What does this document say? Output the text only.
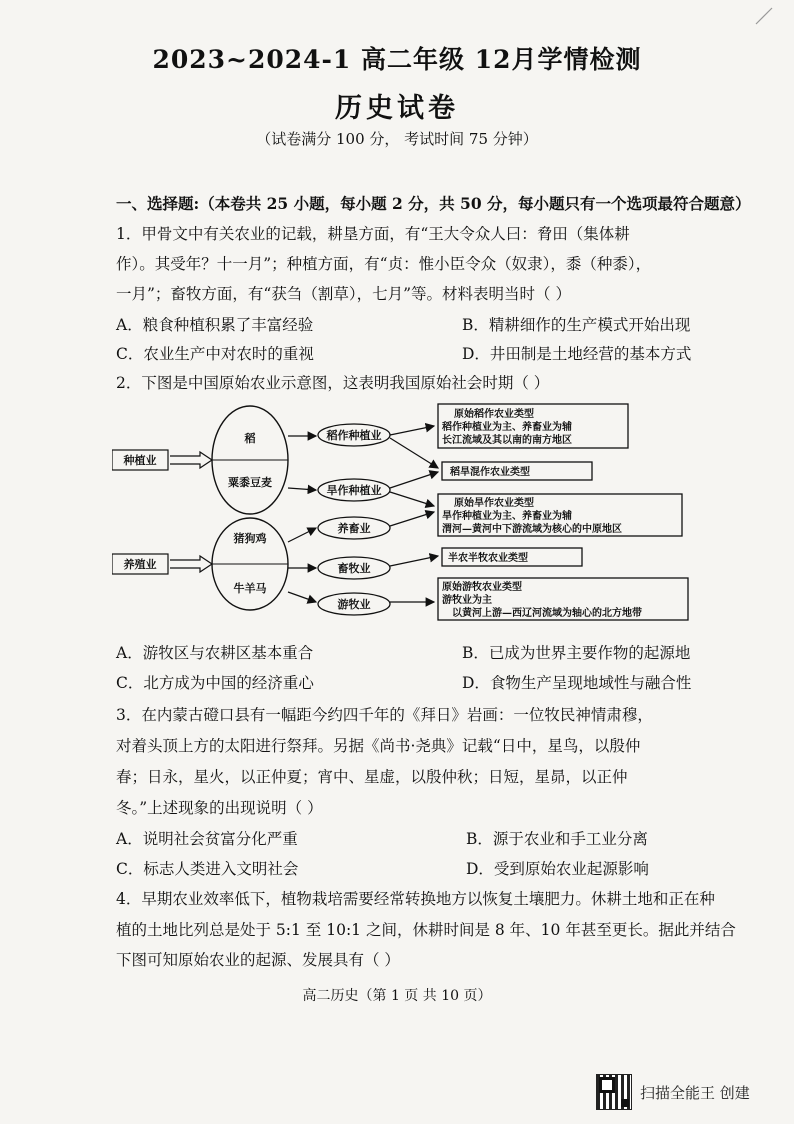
2023~2024-1 高二年级 12月学情检测
历史试卷
（试卷满分 100 分， 考试时间 75 分钟）
一、选择题:（本卷共 25 小题，每小题 2 分，共 50 分，每小题只有一个选项最符合题意）
1．甲骨文中有关农业的记载，耕垦方面，有“王大令众人曰：脅田（集体耕
作）。其受年？十一月”；种植方面，有“贞：惟小臣令众（奴隶），黍（种黍），
一月”；畜牧方面，有“获刍（割草），七月”等。材料表明当时（ ）
A．粮食种植积累了丰富经验	B．精耕细作的生产模式开始出现
C．农业生产中对农时的重视	D．井田制是土地经营的基本方式
2．下图是中国原始农业示意图，这表明我国原始社会时期（ ）
种植业
养殖业
稻
粟黍豆麦
猪狗鸡
牛羊马
稻作种植业
旱作种植业
养畜业
畜牧业
游牧业
原始稻作农业类型
稻作种植业为主、养畜业为辅
长江流域及其以南的南方地区
稻旱混作农业类型
原始旱作农业类型
旱作种植业为主、养畜业为辅
渭河—黄河中下游流域为核心的中原地区
半农半牧农业类型
原始游牧农业类型
游牧业为主
以黄河上游—西辽河流域为轴心的北方地带
A．游牧区与农耕区基本重合	B．已成为世界主要作物的起源地
C．北方成为中国的经济重心	D．食物生产呈现地域性与融合性
3．在内蒙古磴口县有一幅距今约四千年的《拜日》岩画：一位牧民神情肃穆，
对着头顶上方的太阳进行祭拜。另据《尚书·尧典》记载“日中，星鸟，以殷仲
春；日永，星火，以正仲夏；宵中、星虚，以殷仲秋；日短，星昴，以正仲
冬。”上述现象的出现说明（ ）
A．说明社会贫富分化严重	B．源于农业和手工业分离
C．标志人类进入文明社会	D．受到原始农业起源影响
4．早期农业效率低下，植物栽培需要经常转换地方以恢复土壤肥力。休耕土地和正在种
植的土地比列总是处于 5:1 至 10:1 之间，休耕时间是 8 年、10 年甚至更长。据此并结合
下图可知原始农业的起源、发展具有（ ）
高二历史（第 1 页 共 10 页）
扫描全能王 创建
